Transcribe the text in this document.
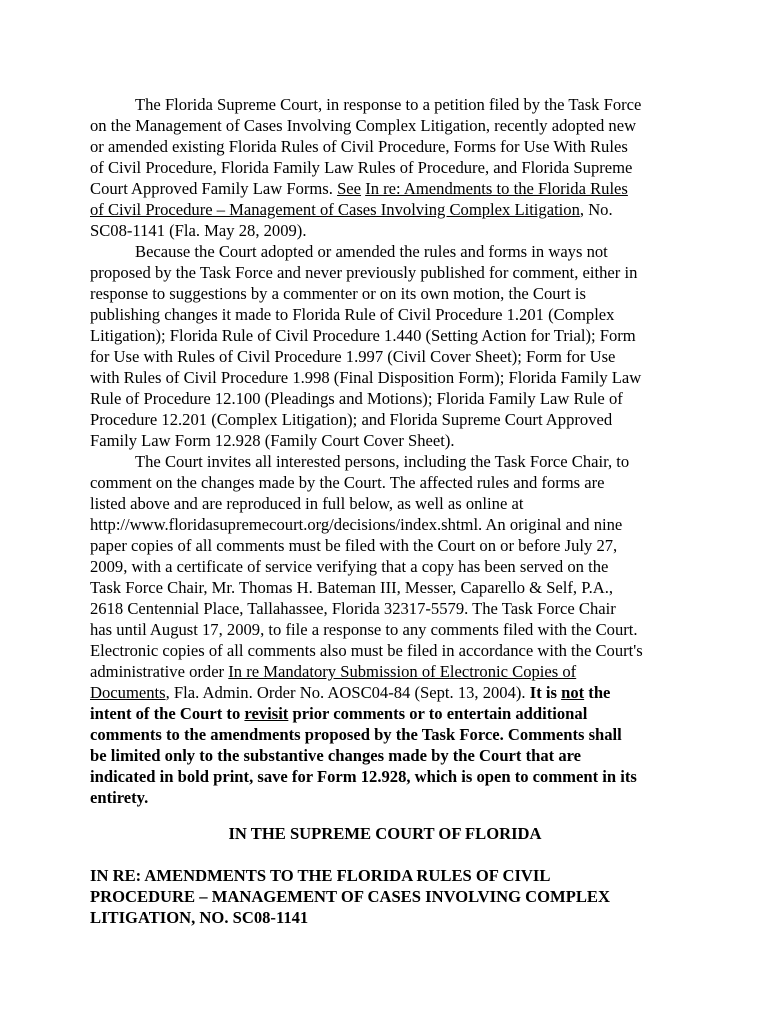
The Florida Supreme Court, in response to a petition filed by the Task Force

on the Management of Cases Involving Complex Litigation, recently adopted new

or amended existing Florida Rules of Civil Procedure, Forms for Use With Rules

of Civil Procedure, Florida Family Law Rules of Procedure, and Florida Supreme

Court Approved Family Law Forms. See In re: Amendments to the Florida Rules

of Civil Procedure – Management of Cases Involving Complex Litigation, No.

SC08-1141 (Fla. May 28, 2009).

Because the Court adopted or amended the rules and forms in ways not

proposed by the Task Force and never previously published for comment, either in

response to suggestions by a commenter or on its own motion, the Court is

publishing changes it made to Florida Rule of Civil Procedure 1.201 (Complex

Litigation); Florida Rule of Civil Procedure 1.440 (Setting Action for Trial); Form

for Use with Rules of Civil Procedure 1.997 (Civil Cover Sheet); Form for Use

with Rules of Civil Procedure 1.998 (Final Disposition Form); Florida Family Law

Rule of Procedure 12.100 (Pleadings and Motions); Florida Family Law Rule of

Procedure 12.201 (Complex Litigation); and Florida Supreme Court Approved

Family Law Form 12.928 (Family Court Cover Sheet).

The Court invites all interested persons, including the Task Force Chair, to

comment on the changes made by the Court. The affected rules and forms are

listed above and are reproduced in full below, as well as online at

http://www.floridasupremecourt.org/decisions/index.shtml. An original and nine

paper copies of all comments must be filed with the Court on or before July 27,

2009, with a certificate of service verifying that a copy has been served on the

Task Force Chair, Mr. Thomas H. Bateman III, Messer, Caparello & Self, P.A.,

2618 Centennial Place, Tallahassee, Florida 32317-5579. The Task Force Chair

has until August 17, 2009, to file a response to any comments filed with the Court.

Electronic copies of all comments also must be filed in accordance with the Court's

administrative order In re Mandatory Submission of Electronic Copies of

Documents, Fla. Admin. Order No. AOSC04-84 (Sept. 13, 2004). It is not the

intent of the Court to revisit prior comments or to entertain additional

comments to the amendments proposed by the Task Force. Comments shall

be limited only to the substantive changes made by the Court that are

indicated in bold print, save for Form 12.928, which is open to comment in its

entirety.

IN THE SUPREME COURT OF FLORIDA

IN RE: AMENDMENTS TO THE FLORIDA RULES OF CIVIL

PROCEDURE – MANAGEMENT OF CASES INVOLVING COMPLEX

LITIGATION, NO. SC08-1141
